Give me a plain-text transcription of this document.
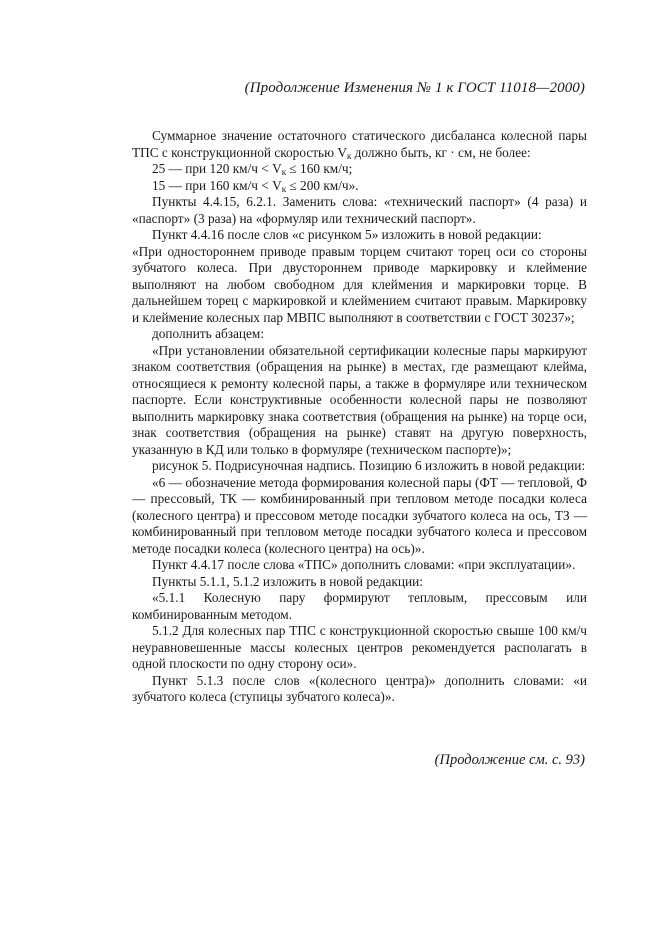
(Продолжение Изменения № 1 к ГОСТ 11018—2000)

Суммарное значение остаточного статического дисбаланса колесной пары ТПС с конструкционной скоростью $V_к$ должно быть, кг · см, не более:

25 — при 120 $км/ч < V_к \le 160$ км/ч;

15 — при 160 $км/ч < V_к \le 200$ км/ч».

Пункты 4.4.15, 6.2.1. Заменить слова: «технический паспорт» (4 раза) и «паспорт» (3 раза) на «формуляр или технический паспорт».

Пункт 4.4.16 после слов «с рисунком 5» изложить в новой редакции:

«При одностороннем приводе правым торцем считают торец оси со стороны зубчатого колеса. При двустороннем приводе маркировку и клеймение выполняют на любом свободном для клеймения и маркировки торце. В дальнейшем торец с маркировкой и клеймением считают правым. Маркировку и клеймение колесных пар МВПС выполняют в соответствии с ГОСТ 30237»;

дополнить абзацем:

«При установлении обязательной сертификации колесные пары маркируют знаком соответствия (обращения на рынке) в местах, где размещают клейма, относящиеся к ремонту колесной пары, а также в формуляре или техническом паспорте. Если конструктивные особенности колесной пары не позволяют выполнить маркировку знака соответствия (обращения на рынке) на торце оси, знак соответствия (обращения на рынке) ставят на другую поверхность, указанную в КД или только в формуляре (техническом паспорте)»;

рисунок 5. Подрисуночная надпись. Позицию 6 изложить в новой редакции:

«6 — обозначение метода формирования колесной пары (ФТ — тепловой, Ф — прессовый, ТК — комбинированный при тепловом методе посадки колеса (колесного центра) и прессовом методе посадки зубчатого колеса на ось, ТЗ — комбинированный при тепловом методе посадки зубчатого колеса и прессовом методе посадки колеса (колесного центра) на ось)».

Пункт 4.4.17 после слова «ТПС» дополнить словами: «при эксплуатации».

Пункты 5.1.1, 5.1.2 изложить в новой редакции:

«5.1.1 Колесную пару формируют тепловым, прессовым или комбинированным методом.

5.1.2 Для колесных пар ТПС с конструкционной скоростью свыше 100 км/ч неуравновешенные массы колесных центров рекомендуется располагать в одной плоскости по одну сторону оси».

Пункт 5.1.3 после слов «(колесного центра)» дополнить словами: «и зубчатого колеса (ступицы зубчатого колеса)».

(Продолжение см. с. 93)
